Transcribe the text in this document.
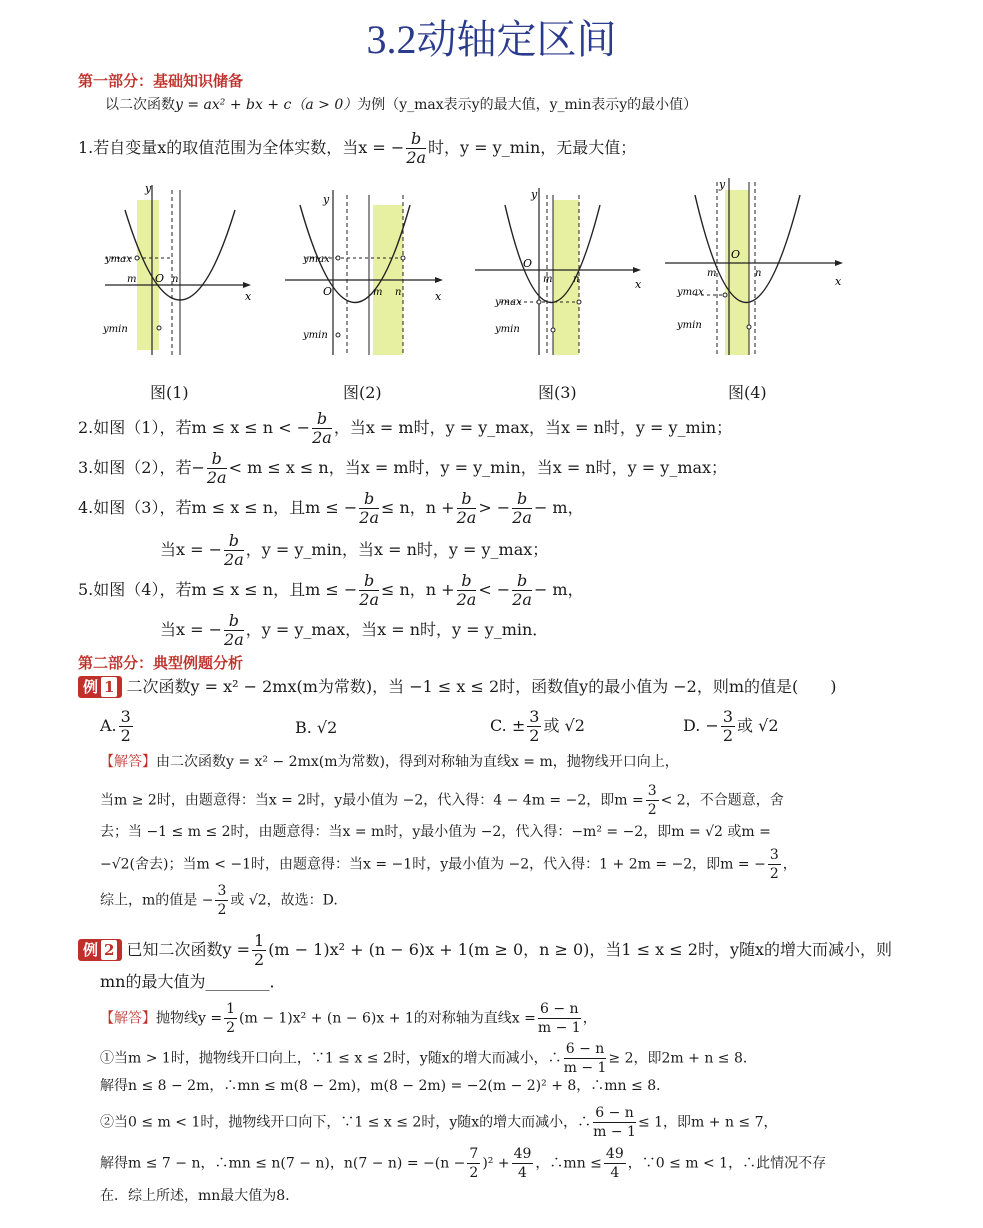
3.2动轴定区间
第一部分：基础知识储备
以二次函数y = ax² + bx + c（a > 0）为例（y_max表示y的最大值，y_min表示y的最小值）
1.若自变量x的取值范围为全体实数，当x = − $\frac{b}{2a}$ 时，y = y_min，无最大值；
ymax
ymin
y
x
O
m	n
ymax
ymin
y
x
O	m n
ymax
ymin
y
x
O
m n
ymax
ymin
y
x
O
m	n
图(1)	图(2)	图(3)	图(4)
2.如图（1），若m ≤ x ≤ n < − $\frac{b}{2a}$ ，当x = m时，y = y_max，当x = n时，y = y_min；
3.如图（2），若− $\frac{b}{2a} < m \le x \le n$，当x = m时，y = y_min，当x = n时，y = y_max；
4.如图（3），若m ≤ x ≤ n，且m ≤ − $\frac{b}{2a} \le n$，$n + \frac{b}{2a}$ > − $\frac{b}{2a} - m$，
当x = − $\frac{b}{2a}$ ，y = y_min，当x = n时，y = y_max；
5.如图（4），若m ≤ x ≤ n，且m ≤ − $\frac{b}{2a} \le n$，$n + \frac{b}{2a}$ < − $\frac{b}{2a} - m$，
当x = − $\frac{b}{2a}$ ，y = y_max，当x = n时，y = y_min．
第二部分：典型例题分析
例 1 二次函数y = x² − 2mx(m为常数)，当 −1 ≤ x ≤ 2时，函数值y的最小值为 −2，则m的值是(　　)
A. $\frac{3}{2}$	B. √2	C. ± $\frac{3}{2}$ 或 √2	D. − $\frac{3}{2}$ 或 √2
【解答】由二次函数y = x² − 2mx(m为常数)，得到对称轴为直线x = m，抛物线开口向上，
当m ≥ 2时，由题意得：当x = 2时，y最小值为 −2，代入得：4 − 4m = −2，即$m = \frac{3}{2} < 2$，不合题意，舍
去；当 −1 ≤ m ≤ 2时，由题意得：当x = m时，y最小值为 −2，代入得：−m² = −2，即m = √2 或m =
−√2(舍去)；当m < −1时，由题意得：当x = −1时，y最小值为 −2，代入得：1 + 2m = −2，即m = − $\frac{3}{2}$ ，
综上，m的值是 − $\frac{3}{2}$ 或 √2，故选：D.
例 2 已知二次函数$y = \frac{1}{2} (m - 1)x^2 + (n - 6)x + 1(m \ge 0$，n ≥ 0)，当1 ≤ x ≤ 2时，y随x的增大而减小，则
mn的最大值为________．
【解答】抛物线$y = \frac{1}{2} (m - 1)x^2 + (n - 6)x + 1$的对称轴为直线$x = \frac{6 - n}{m - 1}$ ，
①当m > 1时，抛物线开口向上，∵1 ≤ x ≤ 2时，y随x的增大而减小，∴ $\frac{6 - n}{m - 1} \ge 2$，即2m + n ≤ 8．
解得n ≤ 8 − 2m，∴mn ≤ m(8 − 2m)，m(8 − 2m) = −2(m − 2)² + 8，∴mn ≤ 8．
②当0 ≤ m < 1时，抛物线开口向下，∵1 ≤ x ≤ 2时，y随x的增大而减小，∴ $\frac{6 - n}{m - 1} \le 1$，即m + n ≤ 7，
解得m ≤ 7 − n，∴mn ≤ n(7 − n)，$n(7 - n) = -(n - \frac{7}{2} )^2 + \frac{49}{4}$ ，∴mn ≤ $\frac{49}{4}$ ，∵0 ≤ m < 1，∴此情况不存
在．综上所述，mn最大值为8．
